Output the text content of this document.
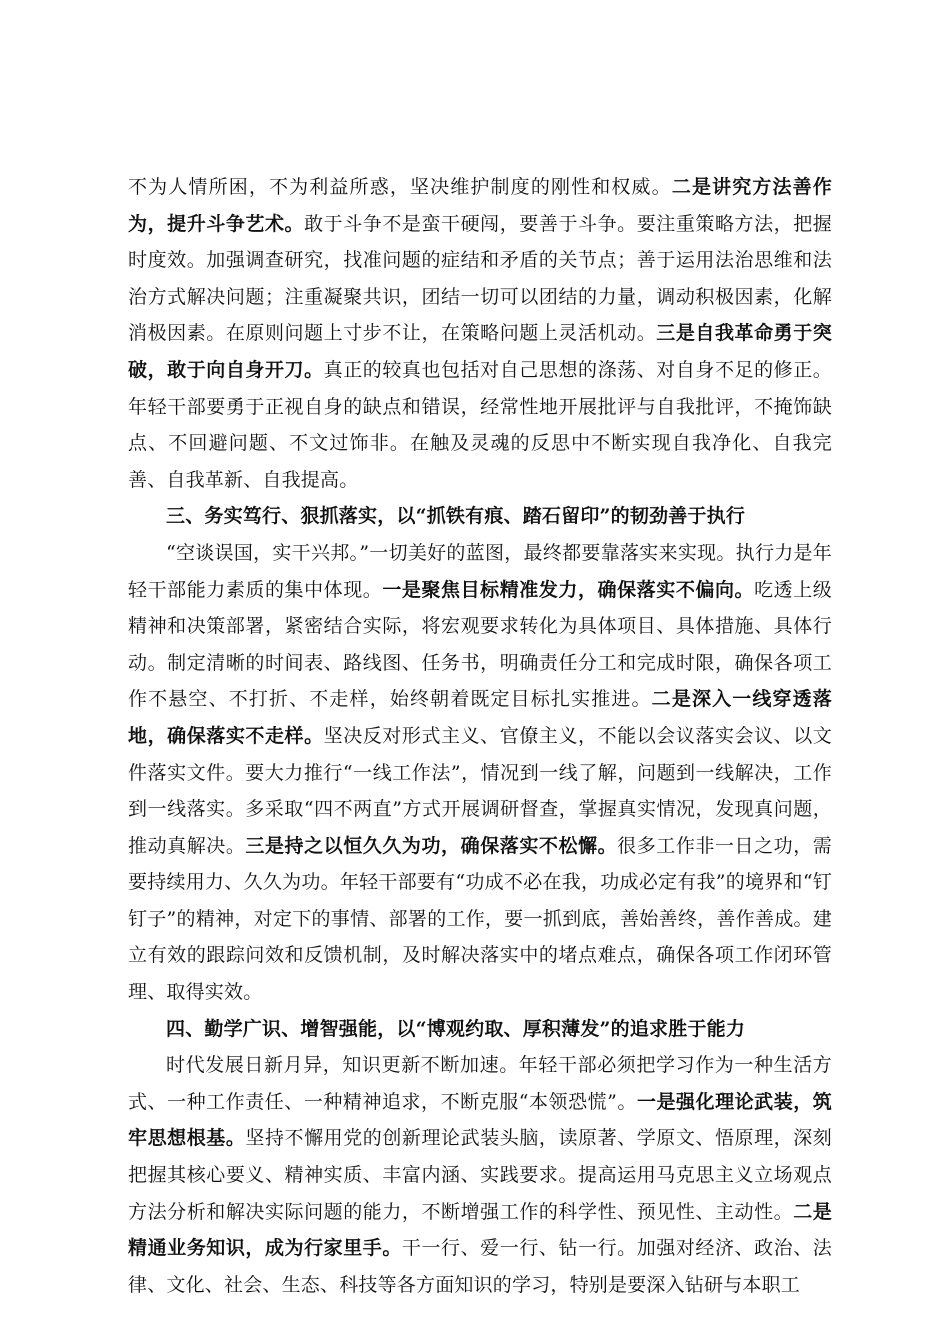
不为人情所困，不为利益所惑，坚决维护制度的刚性和权威。二是讲究方法善作为，提升斗争艺术。敢于斗争不是蛮干硬闯，要善于斗争。要注重策略方法，把握时度效。加强调查研究，找准问题的症结和矛盾的关节点；善于运用法治思维和法治方式解决问题；注重凝聚共识，团结一切可以团结的力量，调动积极因素，化解消极因素。在原则问题上寸步不让，在策略问题上灵活机动。三是自我革命勇于突破，敢于向自身开刀。真正的较真也包括对自己思想的涤荡、对自身不足的修正。年轻干部要勇于正视自身的缺点和错误，经常性地开展批评与自我批评，不掩饰缺点、不回避问题、不文过饰非。在触及灵魂的反思中不断实现自我净化、自我完善、自我革新、自我提高。

三、务实笃行、狠抓落实，以“抓铁有痕、踏石留印”的韧劲善于执行

“空谈误国，实干兴邦。”一切美好的蓝图，最终都要靠落实来实现。执行力是年轻干部能力素质的集中体现。一是聚焦目标精准发力，确保落实不偏向。吃透上级精神和决策部署，紧密结合实际，将宏观要求转化为具体项目、具体措施、具体行动。制定清晰的时间表、路线图、任务书，明确责任分工和完成时限，确保各项工作不悬空、不打折、不走样，始终朝着既定目标扎实推进。二是深入一线穿透落地，确保落实不走样。坚决反对形式主义、官僚主义，不能以会议落实会议、以文件落实文件。要大力推行“一线工作法”，情况到一线了解，问题到一线解决，工作到一线落实。多采取“四不两直”方式开展调研督查，掌握真实情况，发现真问题，推动真解决。三是持之以恒久久为功，确保落实不松懈。很多工作非一日之功，需要持续用力、久久为功。年轻干部要有“功成不必在我，功成必定有我”的境界和“钉钉子”的精神，对定下的事情、部署的工作，要一抓到底，善始善终，善作善成。建立有效的跟踪问效和反馈机制，及时解决落实中的堵点难点，确保各项工作闭环管理、取得实效。

四、勤学广识、增智强能，以“博观约取、厚积薄发”的追求胜于能力

时代发展日新月异，知识更新不断加速。年轻干部必须把学习作为一种生活方式、一种工作责任、一种精神追求，不断克服“本领恐慌”。一是强化理论武装，筑牢思想根基。坚持不懈用党的创新理论武装头脑，读原著、学原文、悟原理，深刻把握其核心要义、精神实质、丰富内涵、实践要求。提高运用马克思主义立场观点方法分析和解决实际问题的能力，不断增强工作的科学性、预见性、主动性。二是精通业务知识，成为行家里手。干一行、爱一行、钻一行。加强对经济、政治、法律、文化、社会、生态、科技等各方面知识的学习，特别是要深入钻研与本职工
